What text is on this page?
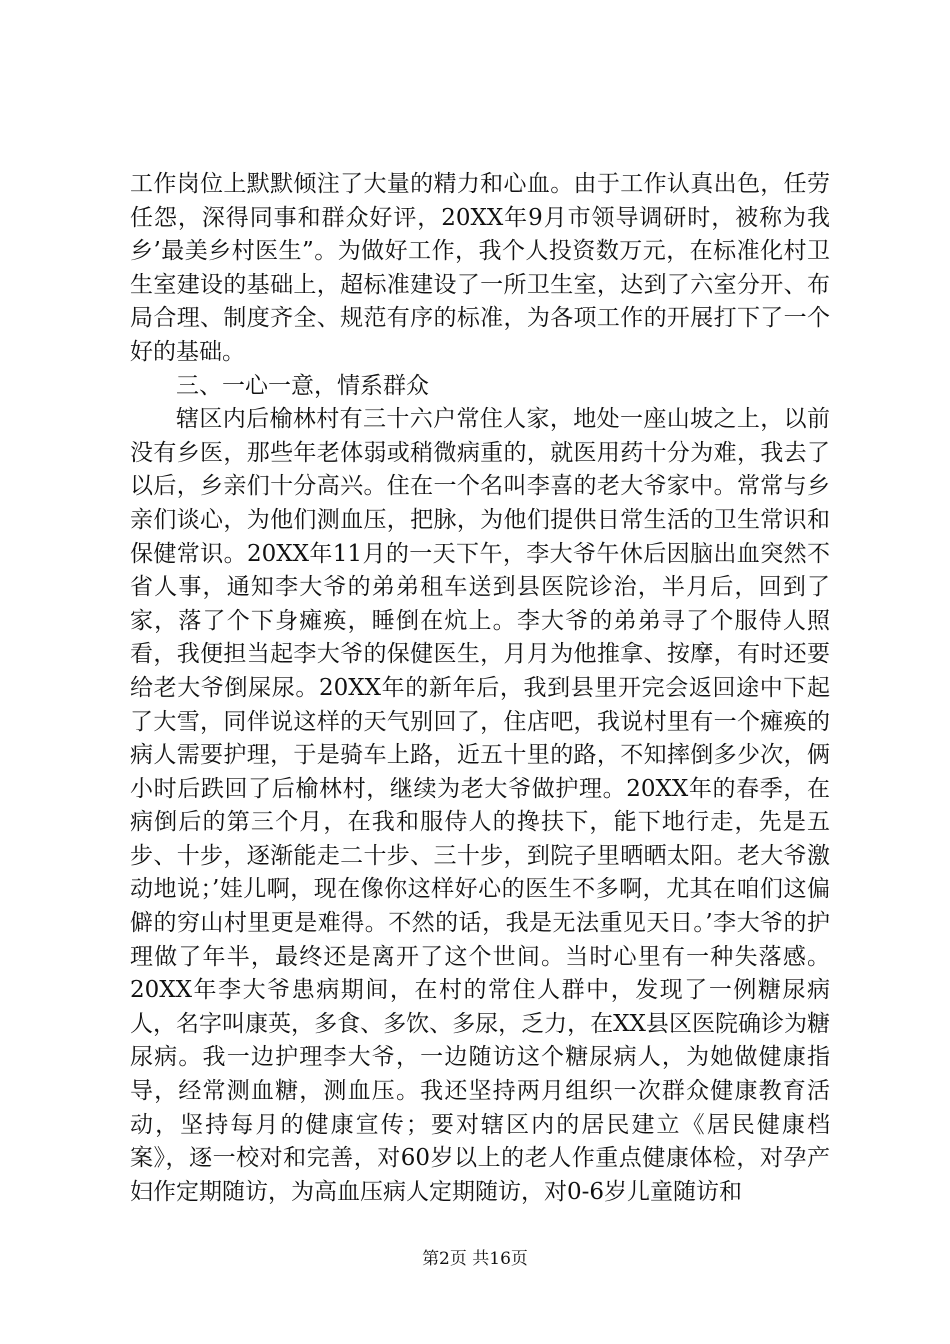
工作岗位上默默倾注了大量的精力和心血。由于工作认真出色，任劳任怨，深得同事和群众好评，20XX年9月市领导调研时，被称为我乡’最美乡村医生”。为做好工作，我个人投资数万元，在标准化村卫生室建设的基础上，超标准建设了一所卫生室，达到了六室分开、布局合理、制度齐全、规范有序的标准，为各项工作的开展打下了一个好的基础。

三、一心一意，情系群众

辖区内后榆林村有三十六户常住人家，地处一座山坡之上，以前没有乡医，那些年老体弱或稍微病重的，就医用药十分为难，我去了以后，乡亲们十分高兴。住在一个名叫李喜的老大爷家中。常常与乡亲们谈心，为他们测血压，把脉，为他们提供日常生活的卫生常识和保健常识。20XX年11月的一天下午，李大爷午休后因脑出血突然不省人事，通知李大爷的弟弟租车送到县医院诊治，半月后，回到了家，落了个下身瘫痪，睡倒在炕上。李大爷的弟弟寻了个服侍人照看，我便担当起李大爷的保健医生，月月为他推拿、按摩，有时还要给老大爷倒屎尿。20XX年的新年后，我到县里开完会返回途中下起了大雪，同伴说这样的天气别回了，住店吧，我说村里有一个瘫痪的病人需要护理，于是骑车上路，近五十里的路，不知摔倒多少次，俩小时后跌回了后榆林村，继续为老大爷做护理。20XX年的春季，在病倒后的第三个月，在我和服侍人的搀扶下，能下地行走，先是五步、十步，逐渐能走二十步、三十步，到院子里晒晒太阳。老大爷激动地说；’娃儿啊，现在像你这样好心的医生不多啊，尤其在咱们这偏僻的穷山村里更是难得。不然的话，我是无法重见天日。’李大爷的护理做了年半，最终还是离开了这个世间。当时心里有一种失落感。20XX年李大爷患病期间，在村的常住人群中，发现了一例糖尿病人，名字叫康英，多食、多饮、多尿，乏力，在XX县区医院确诊为糖尿病。我一边护理李大爷，一边随访这个糖尿病人，为她做健康指导，经常测血糖，测血压。我还坚持两月组织一次群众健康教育活动，坚持每月的健康宣传；要对辖区内的居民建立《居民健康档案》，逐一校对和完善，对60岁以上的老人作重点健康体检，对孕产妇作定期随访，为高血压病人定期随访，对0-6岁儿童随访和

第2页 共16页
